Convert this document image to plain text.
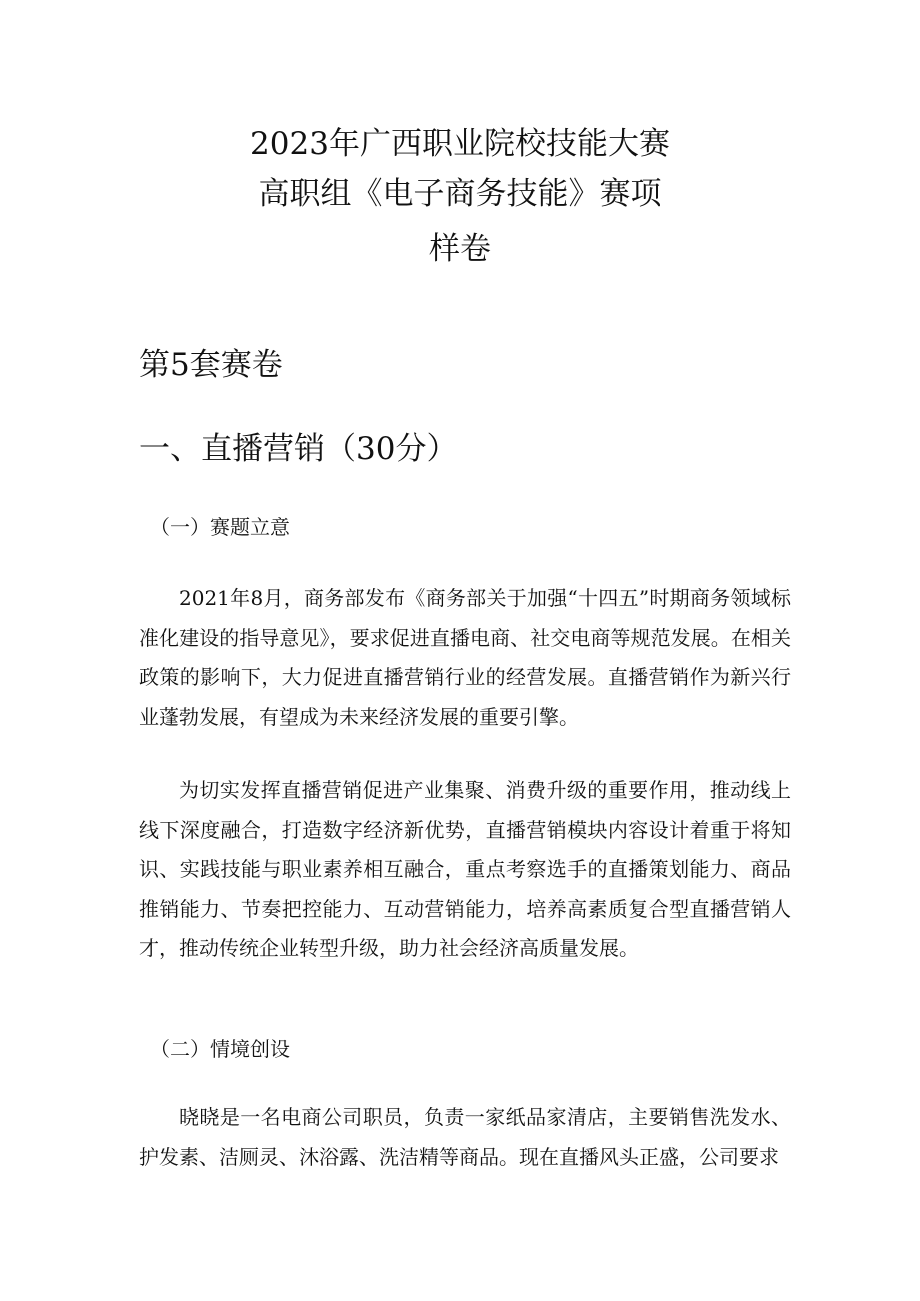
2023年广西职业院校技能大赛
高职组《电子商务技能》赛项
样卷
第5套赛卷
一、直播营销（30分）
（一）赛题立意

2021年8月，商务部发布《商务部关于加强“十四五”时期商务领域标准化建设的指导意见》，要求促进直播电商、社交电商等规范发展。在相关政策的影响下，大力促进直播营销行业的经营发展。直播营销作为新兴行业蓬勃发展，有望成为未来经济发展的重要引擎。

为切实发挥直播营销促进产业集聚、消费升级的重要作用，推动线上线下深度融合，打造数字经济新优势，直播营销模块内容设计着重于将知识、实践技能与职业素养相互融合，重点考察选手的直播策划能力、商品推销能力、节奏把控能力、互动营销能力，培养高素质复合型直播营销人才，推动传统企业转型升级，助力社会经济高质量发展。

（二）情境创设

晓晓是一名电商公司职员，负责一家纸品家清店，主要销售洗发水、护发素、洁厕灵、沐浴露、洗洁精等商品。现在直播风头正盛，公司要求
